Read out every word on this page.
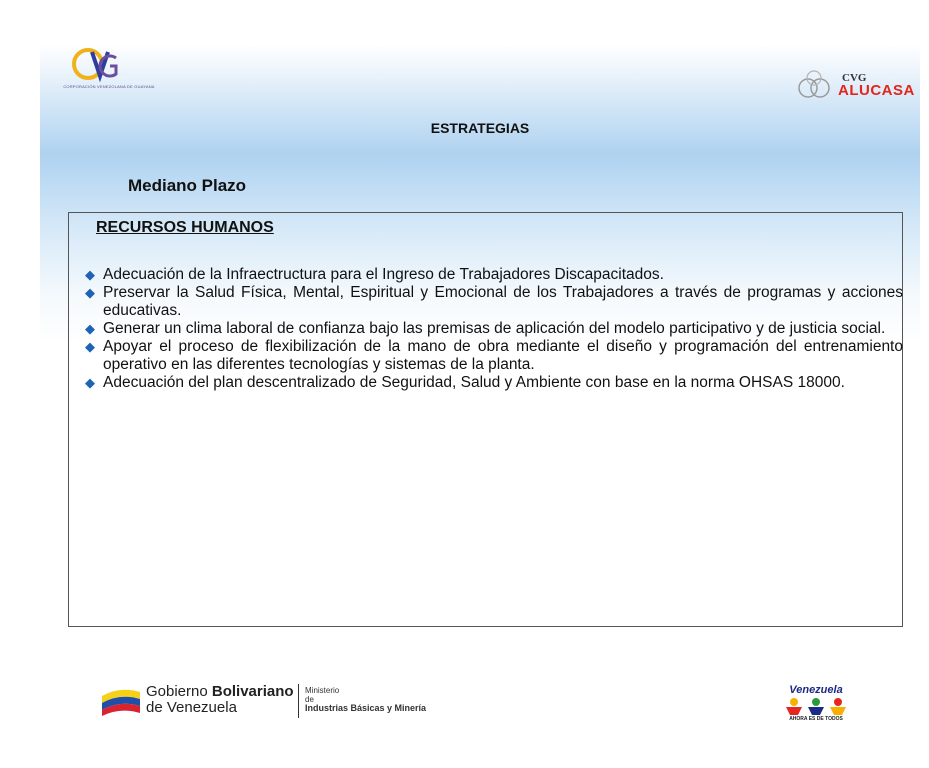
CORPORACIÓN VENEZOLANA DE GUAYANA
CVG
ALUCASA
ESTRATEGIAS
Mediano Plazo
RECURSOS HUMANOS
◆ Adecuación de la Infraectructura para el Ingreso de Trabajadores Discapacitados.
◆ Preservar la Salud Física, Mental, Espiritual y Emocional de los Trabajadores a través de programas y acciones educativas.
◆ Generar un clima laboral de confianza bajo las premisas de aplicación del modelo participativo y de justicia social.
◆ Apoyar el proceso de flexibilización de la mano de obra mediante el diseño y programación del entrenamiento operativo en las diferentes tecnologías y sistemas de la planta.
◆ Adecuación del plan descentralizado de Seguridad, Salud y Ambiente con base en la norma OHSAS 18000.
Gobierno Bolivariano
de Venezuela
Ministerio
de
Industrias Básicas y Minería
Venezuela
AHORA ES DE TODOS
